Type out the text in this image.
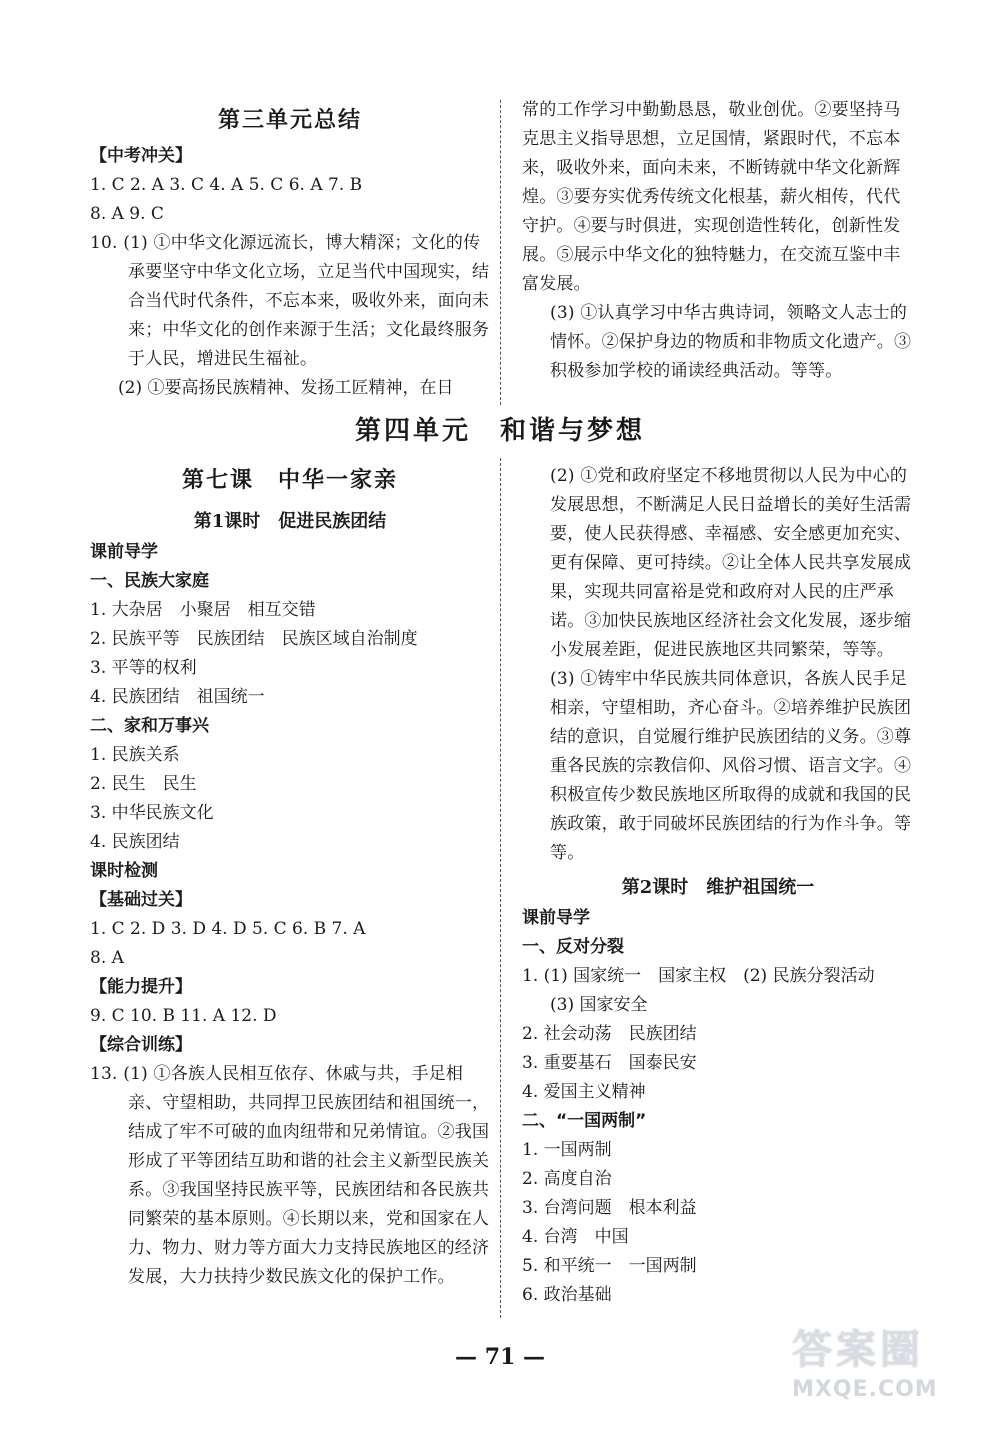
第三单元总结
【中考冲关】
1. C 2. A 3. C 4. A 5. C 6. A 7. B
8. A 9. C
10. (1) ①中华文化源远流长，博大精深；文化的传承要坚守中华文化立场，立足当代中国现实，结合当代时代条件，不忘本来，吸收外来，面向未来；中华文化的创作来源于生活；文化最终服务于人民，增进民生福祉。
(2) ①要高扬民族精神、发扬工匠精神，在日
常的工作学习中勤勤恳恳，敬业创优。②要坚持马克思主义指导思想，立足国情，紧跟时代，不忘本来，吸收外来，面向未来，不断铸就中华文化新辉煌。③要夯实优秀传统文化根基，薪火相传，代代守护。④要与时俱进，实现创造性转化，创新性发展。⑤展示中华文化的独特魅力，在交流互鉴中丰富发展。
(3) ①认真学习中华古典诗词，领略文人志士的情怀。②保护身边的物质和非物质文化遗产。③积极参加学校的诵读经典活动。等等。
第四单元　和谐与梦想
第七课　中华一家亲
第1课时　促进民族团结
课前导学
一、民族大家庭
1. 大杂居　小聚居　相互交错
2. 民族平等　民族团结　民族区域自治制度
3. 平等的权利
4. 民族团结　祖国统一
二、家和万事兴
1. 民族关系
2. 民生　民生
3. 中华民族文化
4. 民族团结
课时检测
【基础过关】
1. C 2. D 3. D 4. D 5. C 6. B 7. A
8. A
【能力提升】
9. C 10. B 11. A 12. D
【综合训练】
13. (1) ①各族人民相互依存、休戚与共，手足相亲、守望相助，共同捍卫民族团结和祖国统一，结成了牢不可破的血肉纽带和兄弟情谊。②我国形成了平等团结互助和谐的社会主义新型民族关系。③我国坚持民族平等，民族团结和各民族共同繁荣的基本原则。④长期以来，党和国家在人力、物力、财力等方面大力支持民族地区的经济发展，大力扶持少数民族文化的保护工作。
(2) ①党和政府坚定不移地贯彻以人民为中心的发展思想，不断满足人民日益增长的美好生活需要，使人民获得感、幸福感、安全感更加充实、更有保障、更可持续。②让全体人民共享发展成果，实现共同富裕是党和政府对人民的庄严承诺。③加快民族地区经济社会文化发展，逐步缩小发展差距，促进民族地区共同繁荣，等等。
(3) ①铸牢中华民族共同体意识，各族人民手足相亲，守望相助，齐心奋斗。②培养维护民族团结的意识，自觉履行维护民族团结的义务。③尊重各民族的宗教信仰、风俗习惯、语言文字。④积极宣传少数民族地区所取得的成就和我国的民族政策，敢于同破坏民族团结的行为作斗争。等等。
第2课时　维护祖国统一
课前导学
一、反对分裂
1. (1) 国家统一　国家主权　(2) 民族分裂活动
(3) 国家安全
2. 社会动荡　民族团结
3. 重要基石　国泰民安
4. 爱国主义精神
二、“一国两制”
1. 一国两制
2. 高度自治
3. 台湾问题　根本利益
4. 台湾　中国
5. 和平统一　一国两制
6. 政治基础
— 71 —	答案圈
MXQE.COM
